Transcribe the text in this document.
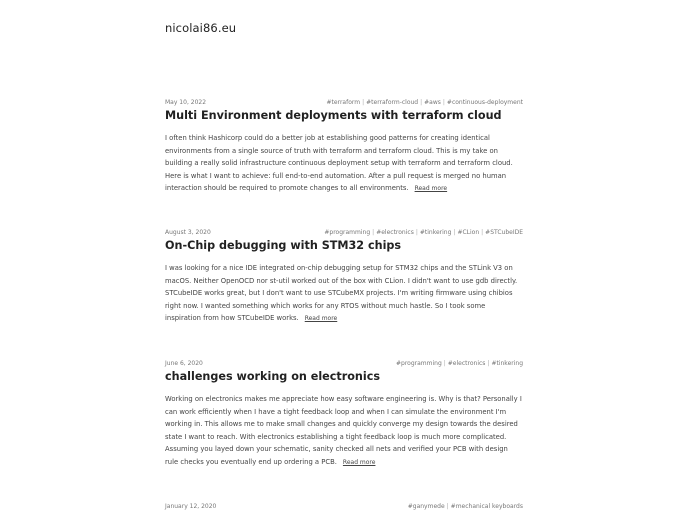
nicolai86.eu
May 10, 2022	#terraform | #terraform-cloud | #aws | #continuous-deployment
Multi Environment deployments with terraform cloud

I often think Hashicorp could do a better job at establishing good patterns for creating identical environments from a single source of truth with terraform and terraform cloud. This is my take on building a really solid infrastructure continuous deployment setup with terraform and terraform cloud. Here is what I want to achieve: full end-to-end automation. After a pull request is merged no human interaction should be required to promote changes to all environments. Read more

August 3, 2020	#programming | #electronics | #tinkering | #CLion | #STCubeIDE
On-Chip debugging with STM32 chips

I was looking for a nice IDE integrated on-chip debugging setup for STM32 chips and the STLink V3 on macOS. Neither OpenOCD nor st-util worked out of the box with CLion. I didn't want to use gdb directly. STCubeIDE works great, but I don't want to use STCubeMX projects. I'm writing firmware using chibios right now. I wanted something which works for any RTOS without much hastle. So I took some inspiration from how STCubeIDE works. Read more

June 6, 2020	#programming | #electronics | #tinkering
challenges working on electronics

Working on electronics makes me appreciate how easy software engineering is. Why is that? Personally I can work efficiently when I have a tight feedback loop and when I can simulate the environment I'm working in. This allows me to make small changes and quickly converge my design towards the desired state I want to reach. With electronics establishing a tight feedback loop is much more complicated. Assuming you layed down your schematic, sanity checked all nets and verified your PCB with design rule checks you eventually end up ordering a PCB. Read more

January 12, 2020	#ganymede | #mechanical keyboards
